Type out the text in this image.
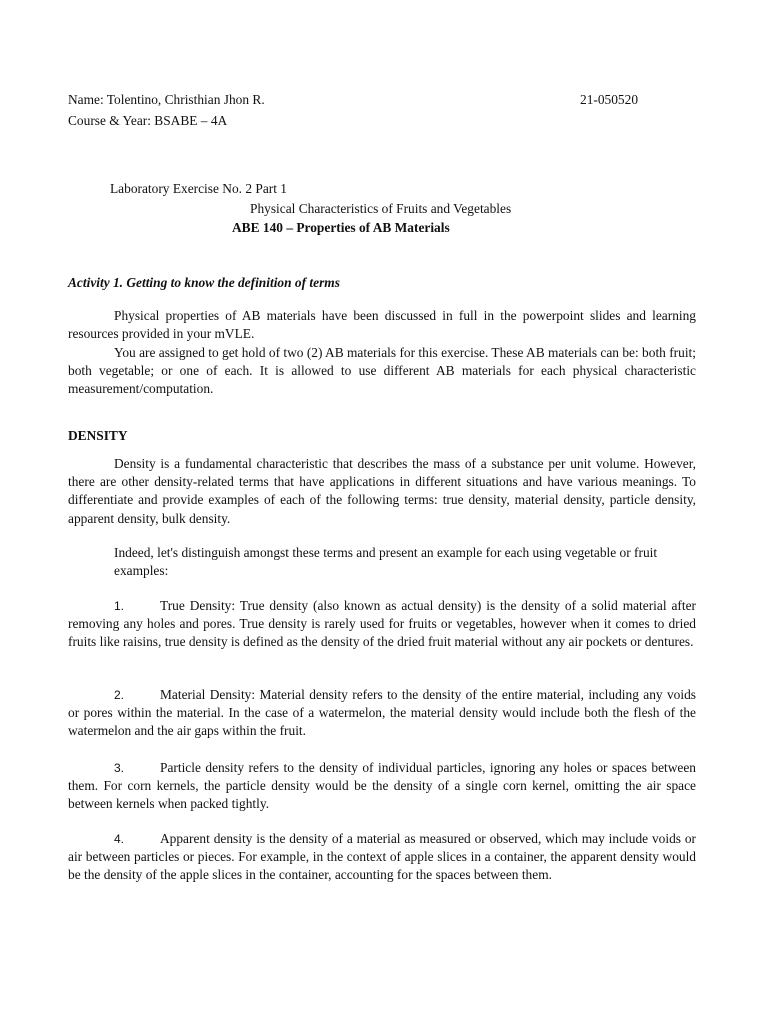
Name: Tolentino, Christhian Jhon R.	21-050520
Course & Year: BSABE – 4A
Laboratory Exercise No. 2 Part 1
Physical Characteristics of Fruits and Vegetables
ABE 140 – Properties of AB Materials
Activity 1. Getting to know the definition of terms

Physical properties of AB materials have been discussed in full in the powerpoint slides and learning resources provided in your mVLE.

You are assigned to get hold of two (2) AB materials for this exercise. These AB materials can be: both fruit; both vegetable; or one of each. It is allowed to use different AB materials for each physical characteristic measurement/computation.

DENSITY

Density is a fundamental characteristic that describes the mass of a substance per unit volume. However, there are other density-related terms that have applications in different situations and have various meanings. To differentiate and provide examples of each of the following terms: true density, material density, particle density, apparent density, bulk density.

Indeed, let's distinguish amongst these terms and present an example for each using vegetable or fruit examples:

1.	True Density: True density (also known as actual density) is the density of a solid material after removing any holes and pores. True density is rarely used for fruits or vegetables, however when it comes to dried fruits like raisins, true density is defined as the density of the dried fruit material without any air pockets or dentures.

2.	Material Density: Material density refers to the density of the entire material, including any voids or pores within the material. In the case of a watermelon, the material density would include both the flesh of the watermelon and the air gaps within the fruit.

3.	Particle density refers to the density of individual particles, ignoring any holes or spaces between them. For corn kernels, the particle density would be the density of a single corn kernel, omitting the air space between kernels when packed tightly.

4.	Apparent density is the density of a material as measured or observed, which may include voids or air between particles or pieces. For example, in the context of apple slices in a container, the apparent density would be the density of the apple slices in the container, accounting for the spaces between them.
